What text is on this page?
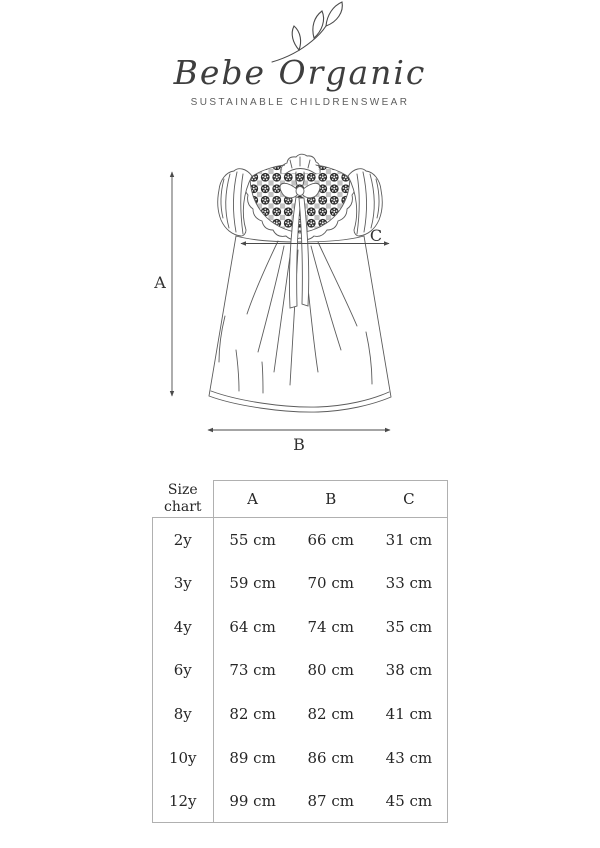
A
C
B
Bebe Organic
SUSTAINABLE CHILDRENSWEAR
Size chart	A	B	C
2y	55 cm	66 cm	31 cm
3y	59 cm	70 cm	33 cm
4y	64 cm	74 cm	35 cm
6y	73 cm	80 cm	38 cm
8y	82 cm	82 cm	41 cm
10y	89 cm	86 cm	43 cm
12y	99 cm	87 cm	45 cm
